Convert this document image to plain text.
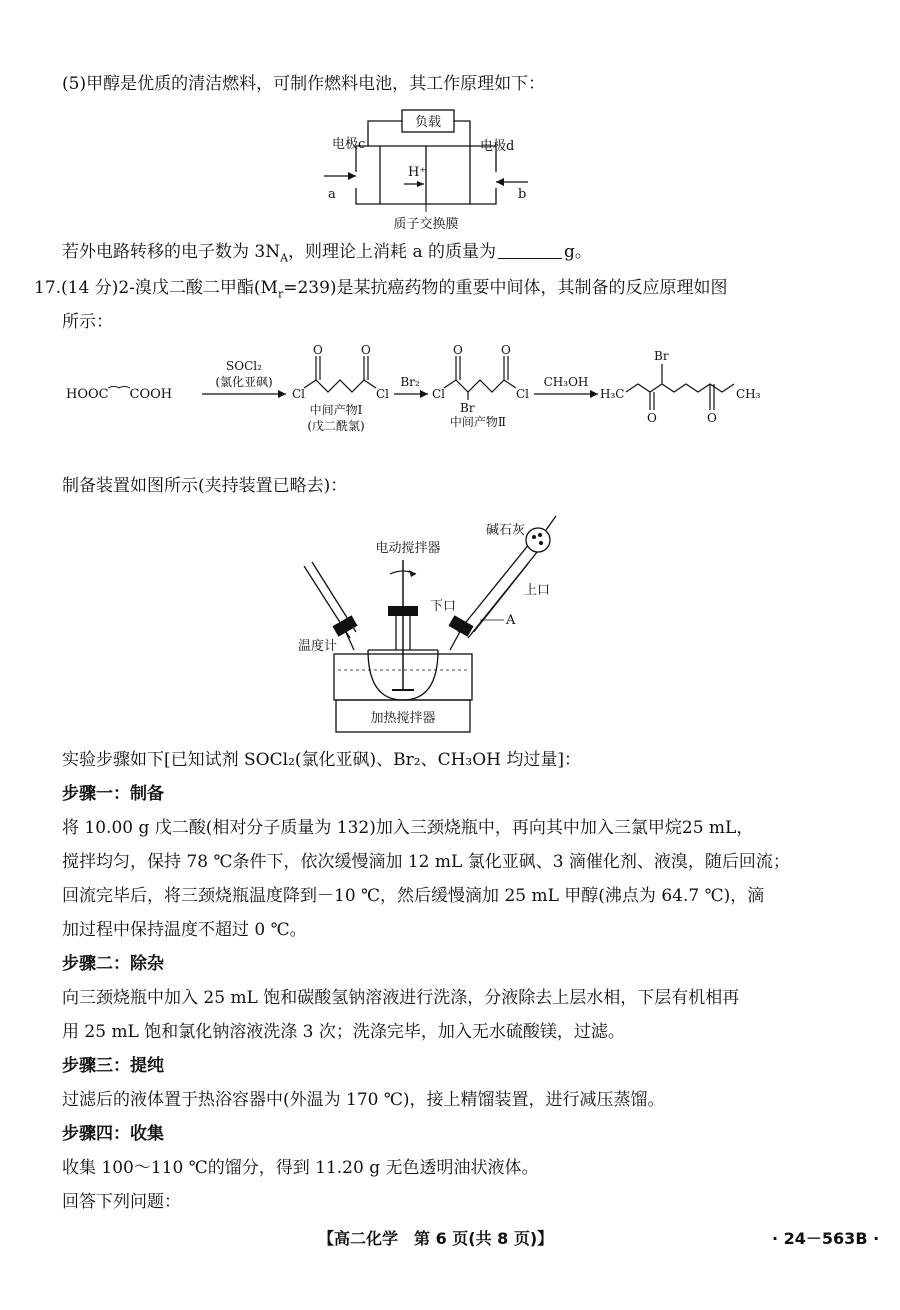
(5)甲醇是优质的清洁燃料，可制作燃料电池，其工作原理如下：
负载
H⁺
电极c	电极d
a	b
质子交换膜
若外电路转移的电子数为 $3N_A$，则理论上消耗 a 的质量为	g。
17.(14 分)2-溴戊二酸二甲酯$(M_r=239)$是某抗癌药物的重要中间体，其制备的反应原理如图
所示：
HOOC⁀⁀COOH
SOCl₂
(氯化亚砜)
O	O
Cl	Cl
中间产物Ⅰ
(戊二酰氯)
Br₂
O	O
Cl	Cl
Br
中间产物Ⅱ
CH₃OH
H₃C
O	O
Br
CH₃
制备装置如图所示(夹持装置已略去)：
加热搅拌器
电动搅拌器
温度计
碱石灰
上口
下口
A
实验步骤如下[已知试剂 SOCl₂(氯化亚砜)、Br₂、CH₃OH 均过量]：
步骤一：制备
将 10.00 g 戊二酸(相对分子质量为 132)加入三颈烧瓶中，再向其中加入三氯甲烷25 mL，
搅拌均匀，保持 78 ℃条件下，依次缓慢滴加 12 mL 氯化亚砜、3 滴催化剂、液溴，随后回流；
回流完毕后，将三颈烧瓶温度降到－10 ℃，然后缓慢滴加 25 mL 甲醇(沸点为 64.7 ℃)，滴
加过程中保持温度不超过 0 ℃。
步骤二：除杂
向三颈烧瓶中加入 25 mL 饱和碳酸氢钠溶液进行洗涤，分液除去上层水相，下层有机相再
用 25 mL 饱和氯化钠溶液洗涤 3 次；洗涤完毕，加入无水硫酸镁，过滤。
步骤三：提纯
过滤后的液体置于热浴容器中(外温为 170 ℃)，接上精馏装置，进行减压蒸馏。
步骤四：收集
收集 100～110 ℃的馏分，得到 11.20 g 无色透明油状液体。
回答下列问题：
【高二化学　第 6 页(共 8 页)】	· 24－563B ·
